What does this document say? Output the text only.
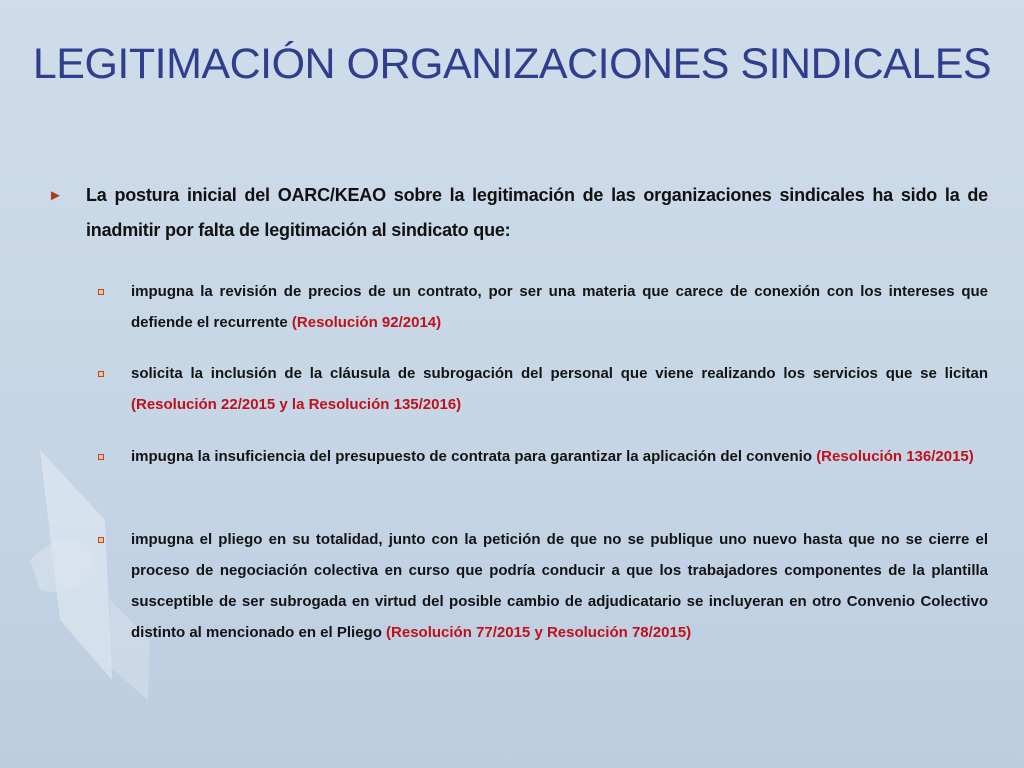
LEGITIMACIÓN ORGANIZACIONES SINDICALES
► La postura inicial del OARC/KEAO sobre la legitimación de las organizaciones sindicales ha sido la de inadmitir por falta de legitimación al sindicato que:
impugna la revisión de precios de un contrato, por ser una materia que carece de conexión con los intereses que defiende el recurrente (Resolución 92/2014)
solicita la inclusión de la cláusula de subrogación del personal que viene realizando los servicios que se licitan (Resolución 22/2015 y la Resolución 135/2016)
impugna la insuficiencia del presupuesto de contrata para garantizar la aplicación del convenio (Resolución 136/2015)
impugna el pliego en su totalidad, junto con la petición de que no se publique uno nuevo hasta que no se cierre el proceso de negociación colectiva en curso que podría conducir a que los trabajadores componentes de la plantilla susceptible de ser subrogada en virtud del posible cambio de adjudicatario se incluyeran en otro Convenio Colectivo distinto al mencionado en el Pliego (Resolución 77/2015 y Resolución 78/2015)
